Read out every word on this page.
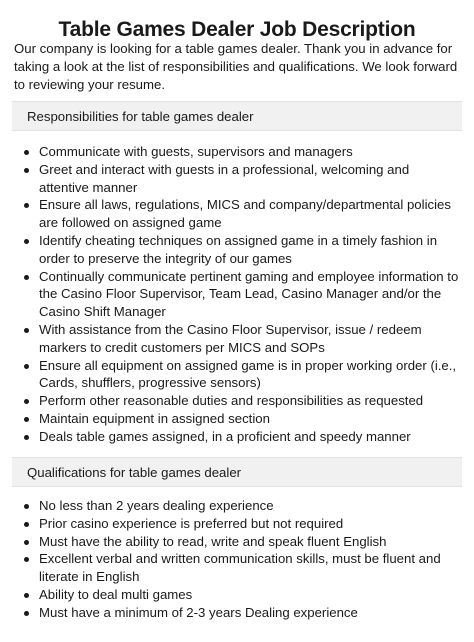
Table Games Dealer Job Description

Our company is looking for a table games dealer. Thank you in advance for taking a look at the list of responsibilities and qualifications. We look forward to reviewing your resume.

Responsibilities for table games dealer
Communicate with guests, supervisors and managers
Greet and interact with guests in a professional, welcoming and attentive manner
Ensure all laws, regulations, MICS and company/departmental policies are followed on assigned game
Identify cheating techniques on assigned game in a timely fashion in order to preserve the integrity of our games
Continually communicate pertinent gaming and employee information to the Casino Floor Supervisor, Team Lead, Casino Manager and/or the Casino Shift Manager
With assistance from the Casino Floor Supervisor, issue / redeem markers to credit customers per MICS and SOPs
Ensure all equipment on assigned game is in proper working order (i.e., Cards, shufflers, progressive sensors)
Perform other reasonable duties and responsibilities as requested
Maintain equipment in assigned section
Deals table games assigned, in a proficient and speedy manner
Qualifications for table games dealer
No less than 2 years dealing experience
Prior casino experience is preferred but not required
Must have the ability to read, write and speak fluent English
Excellent verbal and written communication skills, must be fluent and literate in English
Ability to deal multi games
Must have a minimum of 2-3 years Dealing experience
